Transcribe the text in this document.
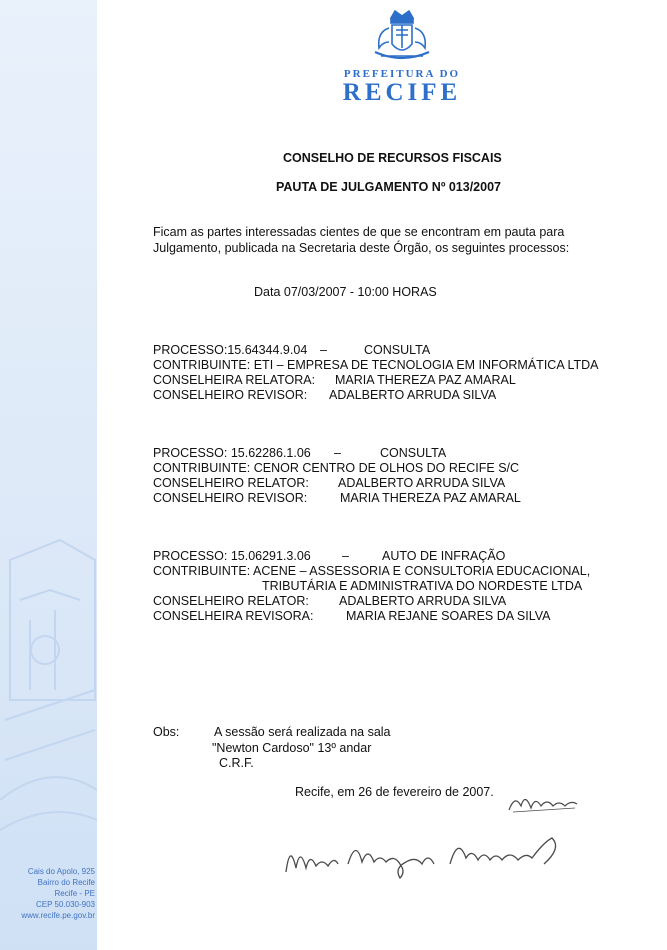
Cais do Apolo, 925
Bairro do Recife
Recife - PE
CEP 50.030-903
www.recife.pe.gov.br
PREFEITURA DO
RECIFE
CONSELHO DE RECURSOS FISCAIS
PAUTA DE JULGAMENTO Nº 013/2007
Ficam as partes interessadas cientes de que se encontram em pauta para
Julgamento, publicada na Secretaria deste Órgão, os seguintes processos:
Data 07/03/2007 - 10:00 HORAS
PROCESSO:15.64344.9.04 –	CONSULTA
CONTRIBUINTE: ETI – EMPRESA DE TECNOLOGIA EM INFORMÁTICA LTDA
CONSELHEIRA RELATORA: MARIA THEREZA PAZ AMARAL
CONSELHEIRO REVISOR: ADALBERTO ARRUDA SILVA
PROCESSO: 15.62286.1.06 –	CONSULTA
CONTRIBUINTE: CENOR CENTRO DE OLHOS DO RECIFE S/C
CONSELHEIRO RELATOR: ADALBERTO ARRUDA SILVA
CONSELHEIRO REVISOR:	MARIA THEREZA PAZ AMARAL
PROCESSO: 15.06291.3.06 –	AUTO DE INFRAÇÃO
CONTRIBUINTE: ACENE – ASSESSORIA E CONSULTORIA EDUCACIONAL,
TRIBUTÁRIA E ADMINISTRATIVA DO NORDESTE LTDA
CONSELHEIRO RELATOR: ADALBERTO ARRUDA SILVA
CONSELHEIRA REVISORA:	MARIA REJANE SOARES DA SILVA
Obs:	A sessão será realizada na sala
"Newton Cardoso" 13º andar
C.R.F.
Recife, em 26 de fevereiro de 2007.
